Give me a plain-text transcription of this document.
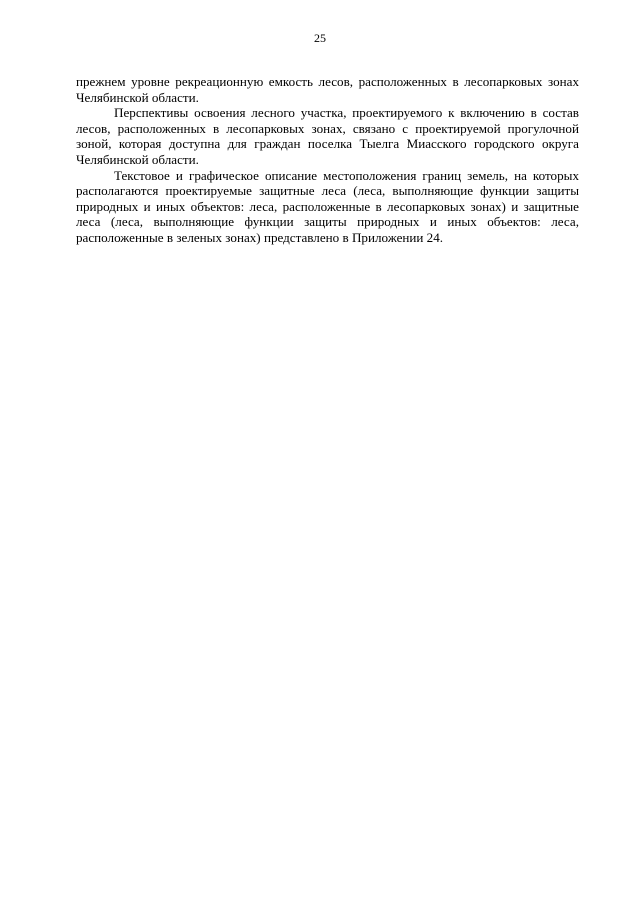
25

прежнем уровне рекреационную емкость лесов, расположенных в лесопарковых зонах Челябинской области.

Перспективы освоения лесного участка, проектируемого к включению в состав лесов, расположенных в лесопарковых зонах, связано с проектируемой прогулочной зоной, которая доступна для граждан поселка Тыелга Миасского городского округа Челябинской области.

Текстовое и графическое описание местоположения границ земель, на которых располагаются проектируемые защитные леса (леса, выполняющие функции защиты природных и иных объектов: леса, расположенные в лесопарковых зонах) и защитные леса (леса, выполняющие функции защиты природных и иных объектов: леса, расположенные в зеленых зонах) представлено в Приложении 24.
